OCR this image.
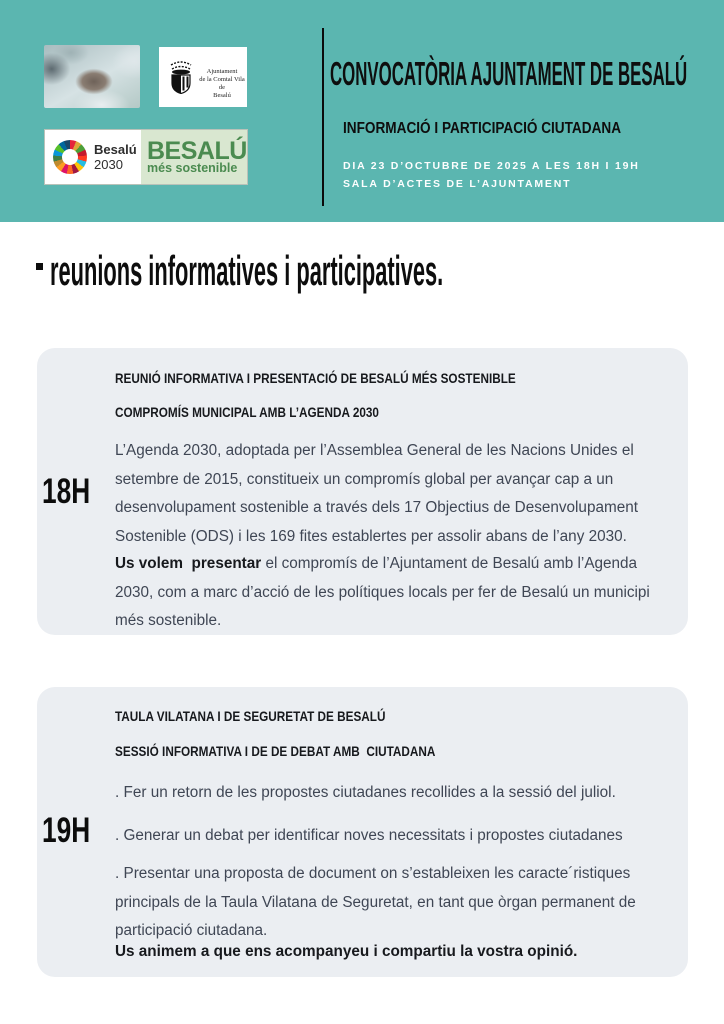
Ajuntament
de la Comtal Vila de
Besalú
Besalú
2030 BESALÚ
més sostenible
CONVOCATÒRIA AJUNTAMENT DE BESALÚ
INFORMACIÓ I PARTICIPACIÓ CIUTADANA
DIA 23 D’OCTUBRE DE 2025 A LES 18H I 19H
SALA D’ACTES DE L’AJUNTAMENT
reunions informatives i participatives.
REUNIÓ INFORMATIVA I PRESENTACIÓ DE BESALÚ MÉS SOSTENIBLE
COMPROMÍS MUNICIPAL AMB L’AGENDA 2030

L’Agenda 2030, adoptada per l’Assemblea General de les Nacions Unides el setembre de 2015, constitueix un compromís global per avançar cap a un desenvolupament sostenible a través dels 17 Objectius de Desenvolupament Sostenible (ODS) i les 169 fites establertes per assolir abans de l’any 2030.

Us volem  presentar el compromís de l’Ajuntament de Besalú amb l’Agenda 2030, com a marc d’acció de les polítiques locals per fer de Besalú un municipi més sostenible.

18H
TAULA VILATANA I DE SEGURETAT DE BESALÚ
SESSIÓ INFORMATIVA I DE DE DEBAT AMB  CIUTADANA

. Fer un retorn de les propostes ciutadanes recollides a la sessió del juliol.

. Generar un debat per identificar noves necessitats i propostes ciutadanes

. Presentar una proposta de document on s’estableixen les caracte´ristiques principals de la Taula Vilatana de Seguretat, en tant que òrgan permanent de participació ciutadana.

Us animem a que ens acompanyeu i compartiu la vostra opinió.
19H
